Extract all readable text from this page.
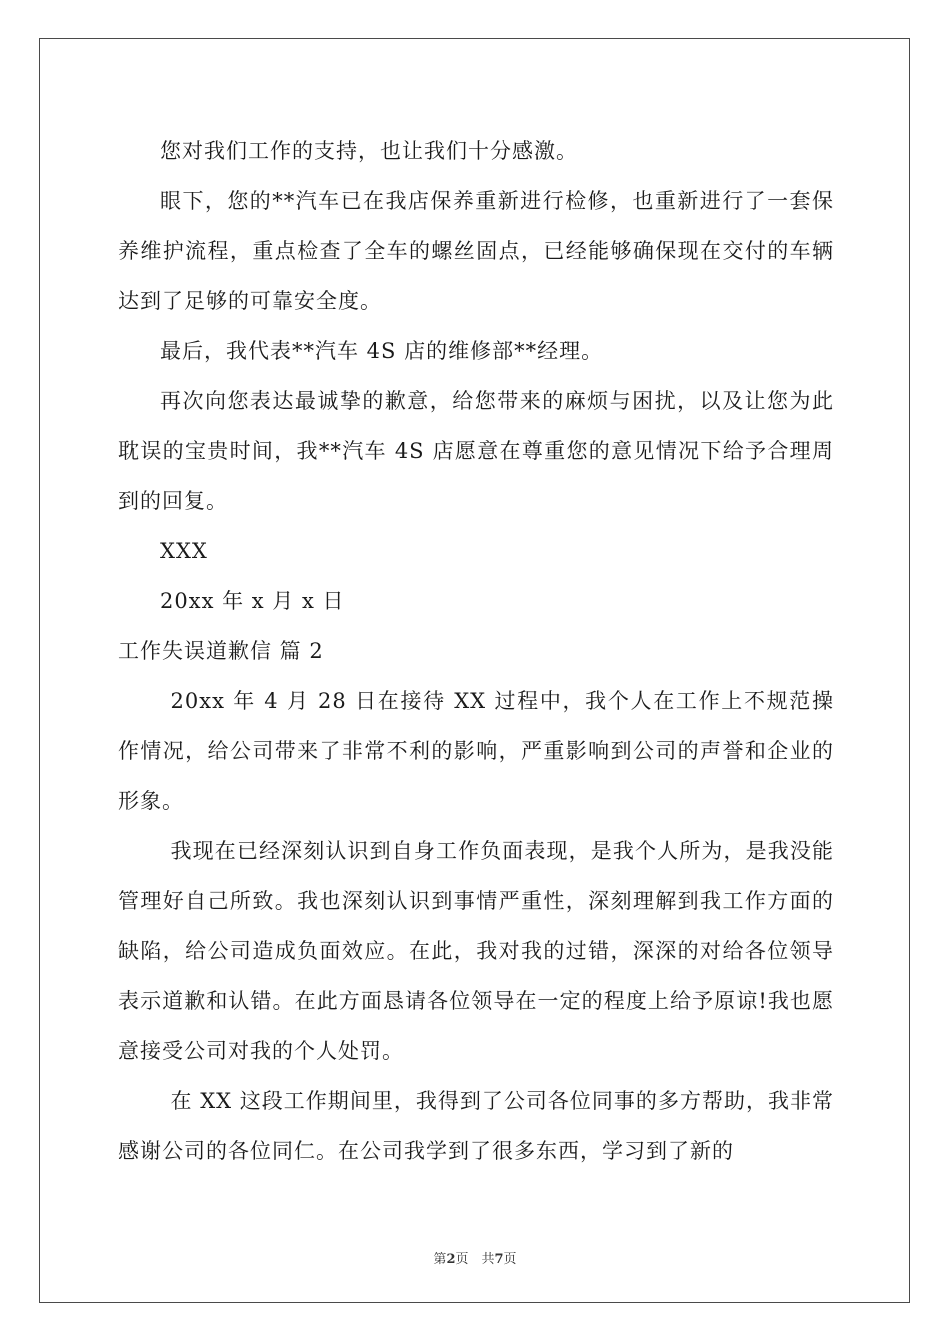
您对我们工作的支持，也让我们十分感激。

眼下，您的**汽车已在我店保养重新进行检修，也重新进行了一套保养维护流程，重点检查了全车的螺丝固点，已经能够确保现在交付的车辆达到了足够的可靠安全度。

最后，我代表**汽车 4S 店的维修部**经理。

再次向您表达最诚挚的歉意，给您带来的麻烦与困扰，以及让您为此耽误的宝贵时间，我**汽车 4S 店愿意在尊重您的意见情况下给予合理周到的回复。

XXX

20xx 年 x 月 x 日

工作失误道歉信 篇 2

20xx 年 4 月 28 日在接待 XX 过程中，我个人在工作上不规范操作情况，给公司带来了非常不利的影响，严重影响到公司的声誉和企业的形象。

我现在已经深刻认识到自身工作负面表现，是我个人所为，是我没能管理好自己所致。我也深刻认识到事情严重性，深刻理解到我工作方面的缺陷，给公司造成负面效应。在此，我对我的过错，深深的对给各位领导表示道歉和认错。在此方面恳请各位领导在一定的程度上给予原谅!我也愿意接受公司对我的个人处罚。

在 XX 这段工作期间里，我得到了公司各位同事的多方帮助，我非常感谢公司的各位同仁。在公司我学到了很多东西，学习到了新的

第2页　共7页
